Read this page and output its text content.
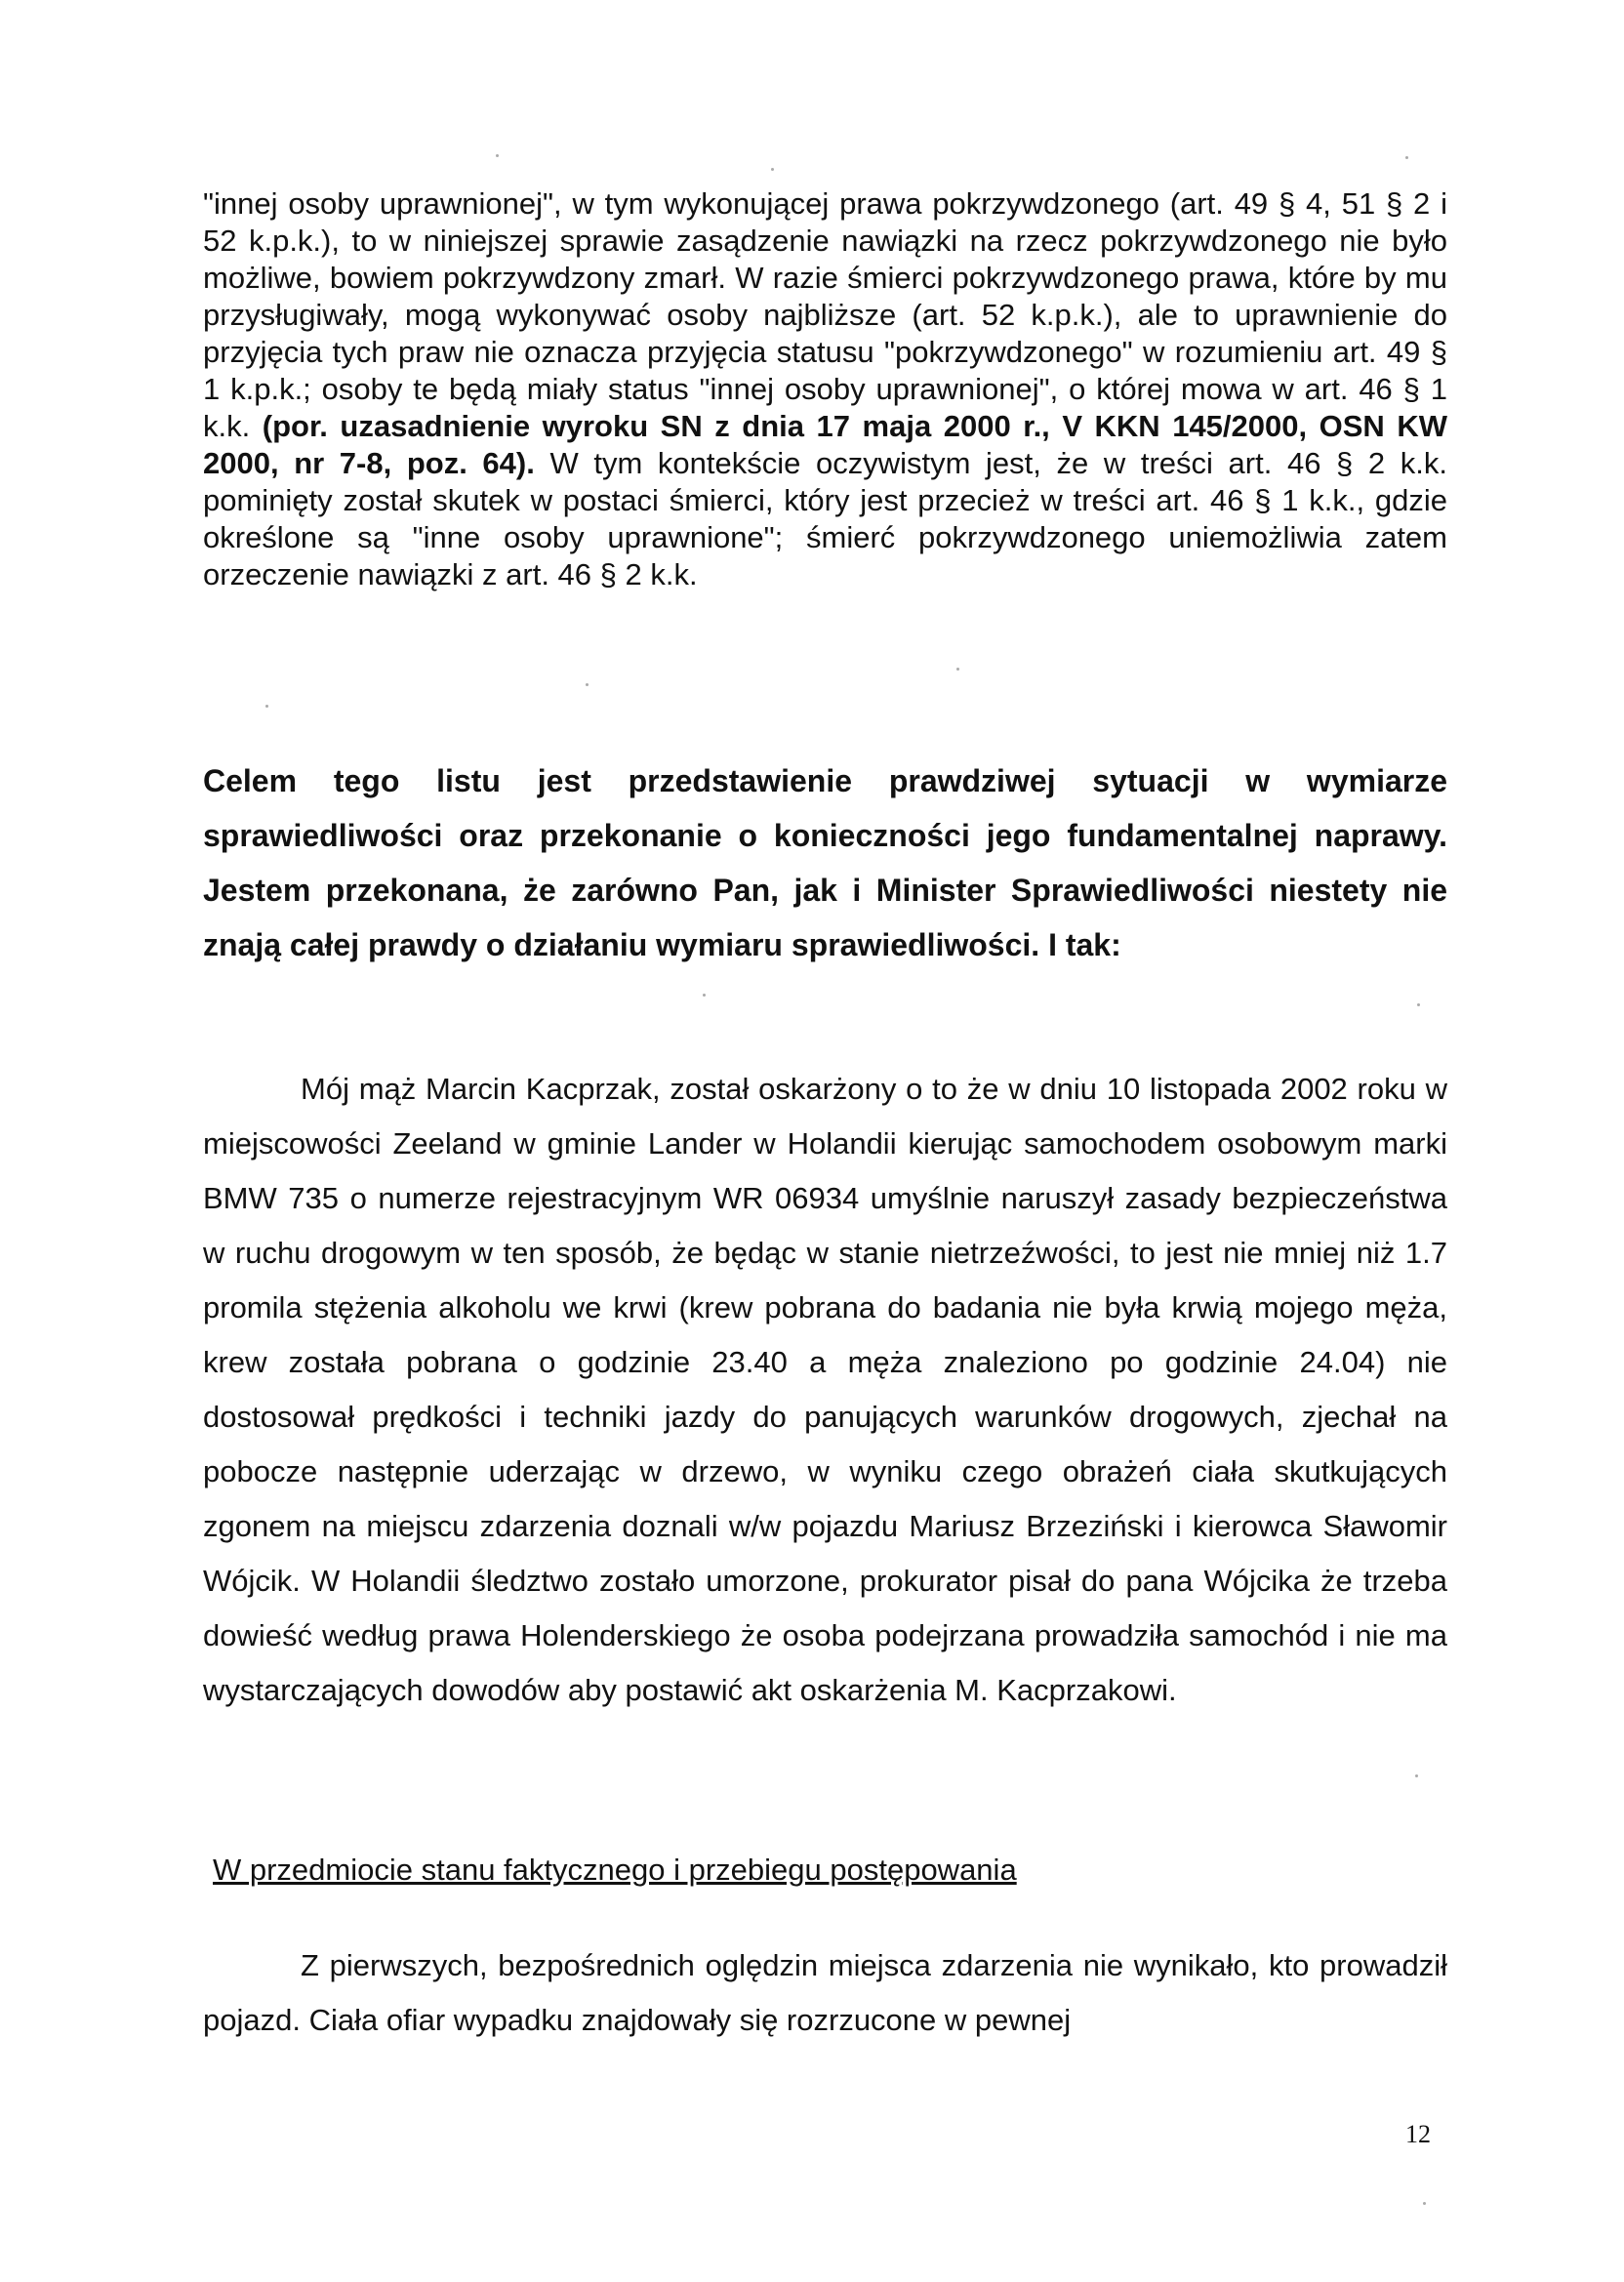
"innej osoby uprawnionej", w tym wykonującej prawa pokrzywdzonego (art. 49 § 4, 51 § 2 i 52 k.p.k.), to w niniejszej sprawie zasądzenie nawiązki na rzecz pokrzywdzonego nie było możliwe, bowiem pokrzywdzony zmarł. W razie śmierci pokrzywdzonego prawa, które by mu przysługiwały, mogą wykonywać osoby najbliższe (art. 52 k.p.k.), ale to uprawnienie do przyjęcia tych praw nie oznacza przyjęcia statusu "pokrzywdzonego" w rozumieniu art. 49 § 1 k.p.k.; osoby te będą miały status "innej osoby uprawnionej", o której mowa w art. 46 § 1 k.k. (por. uzasadnienie wyroku SN z dnia 17 maja 2000 r., V KKN 145/2000, OSN KW 2000, nr 7-8, poz. 64). W tym kontekście oczywistym jest, że w treści art. 46 § 2 k.k. pominięty został skutek w postaci śmierci, który jest przecież w treści art. 46 § 1 k.k., gdzie określone są "inne osoby uprawnione"; śmierć pokrzywdzonego uniemożliwia zatem orzeczenie nawiązki z art. 46 § 2 k.k.
Celem tego listu jest przedstawienie prawdziwej sytuacji w wymiarze sprawiedliwości oraz przekonanie o konieczności jego fundamentalnej naprawy. Jestem przekonana, że zarówno Pan, jak i Minister Sprawiedliwości niestety nie znają całej prawdy o działaniu wymiaru sprawiedliwości. I tak:
Mój mąż Marcin Kacprzak, został oskarżony o to że w dniu 10 listopada 2002 roku w miejscowości Zeeland w gminie Lander w Holandii kierując samochodem osobowym marki BMW 735 o numerze rejestracyjnym WR 06934 umyślnie naruszył zasady bezpieczeństwa w ruchu drogowym w ten sposób, że będąc w stanie nietrzeźwości, to jest nie mniej niż 1.7 promila stężenia alkoholu we krwi (krew pobrana do badania nie była krwią mojego męża, krew została pobrana o godzinie 23.40 a męża znaleziono po godzinie 24.04) nie dostosował prędkości i techniki jazdy do panujących warunków drogowych, zjechał na pobocze następnie uderzając w drzewo, w wyniku czego obrażeń ciała skutkujących zgonem na miejscu zdarzenia doznali w/w pojazdu Mariusz Brzeziński i kierowca Sławomir Wójcik. W Holandii śledztwo zostało umorzone, prokurator pisał do pana Wójcika że trzeba dowieść według prawa Holenderskiego że osoba podejrzana prowadziła samochód i nie ma wystarczających dowodów aby postawić akt oskarżenia M. Kacprzakowi.
W przedmiocie stanu faktycznego i przebiegu postępowania
Z pierwszych, bezpośrednich oględzin miejsca zdarzenia nie wynikało, kto prowadził pojazd. Ciała ofiar wypadku znajdowały się rozrzucone w pewnej
12
